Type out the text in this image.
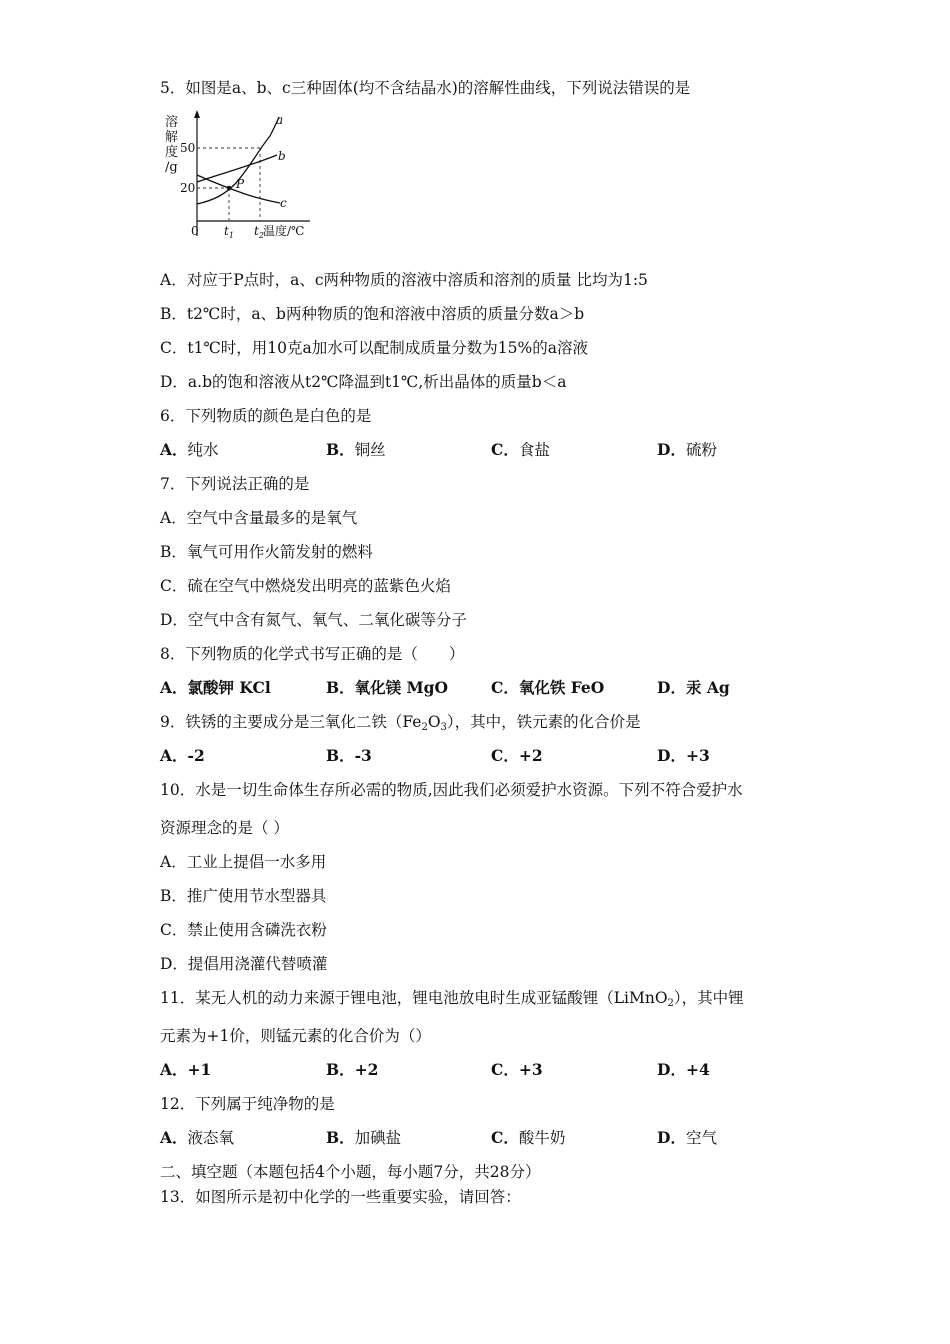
5．如图是a、b、c三种固体(均不含结晶水)的溶解性曲线，下列说法错误的是
溶
解
度
/g
50
20
0 $t_1$ $t_2$ 温度/℃
a
b
c
P
A．对应于P点时，a、c两种物质的溶液中溶质和溶剂的质量 比均为1:5
B．t2℃时，a、b两种物质的饱和溶液中溶质的质量分数a＞b
C．t1℃时，用10克a加水可以配制成质量分数为15%的a溶液
D．a.b的饱和溶液从t2℃降温到t1℃,析出晶体的质量b＜a
6．下列物质的颜色是白色的是
A．纯水	B．铜丝	C．食盐	D．硫粉
7．下列说法正确的是
A．空气中含量最多的是氧气
B．氧气可用作火箭发射的燃料
C．硫在空气中燃烧发出明亮的蓝紫色火焰
D．空气中含有氮气、氧气、二氧化碳等分子
8．下列物质的化学式书写正确的是（　　）
A．氯酸钾 KCl	B．氧化镁 MgO	C．氧化铁 FeO	D．汞 Ag
9．铁锈的主要成分是三氧化二铁$(Fe_2O_3)$，其中，铁元素的化合价是
A．-2	B．-3	C．+2	D．+3
10．水是一切生命体生存所必需的物质,因此我们必须爱护水资源。下列不符合爱护水
资源理念的是（ ）
A．工业上提倡一水多用
B．推广使用节水型器具
C．禁止使用含磷洗衣粉
D．提倡用浇灌代替喷灌
11．某无人机的动力来源于锂电池，锂电池放电时生成亚锰酸锂（LiMnO$_2$），其中锂
元素为+1价，则锰元素的化合价为（）
A．+1	B．+2	C．+3	D．+4
12．下列属于纯净物的是
A．液态氧	B．加碘盐	C．酸牛奶	D．空气
二、填空题（本题包括4个小题，每小题7分，共28分）
13．如图所示是初中化学的一些重要实验，请回答：
